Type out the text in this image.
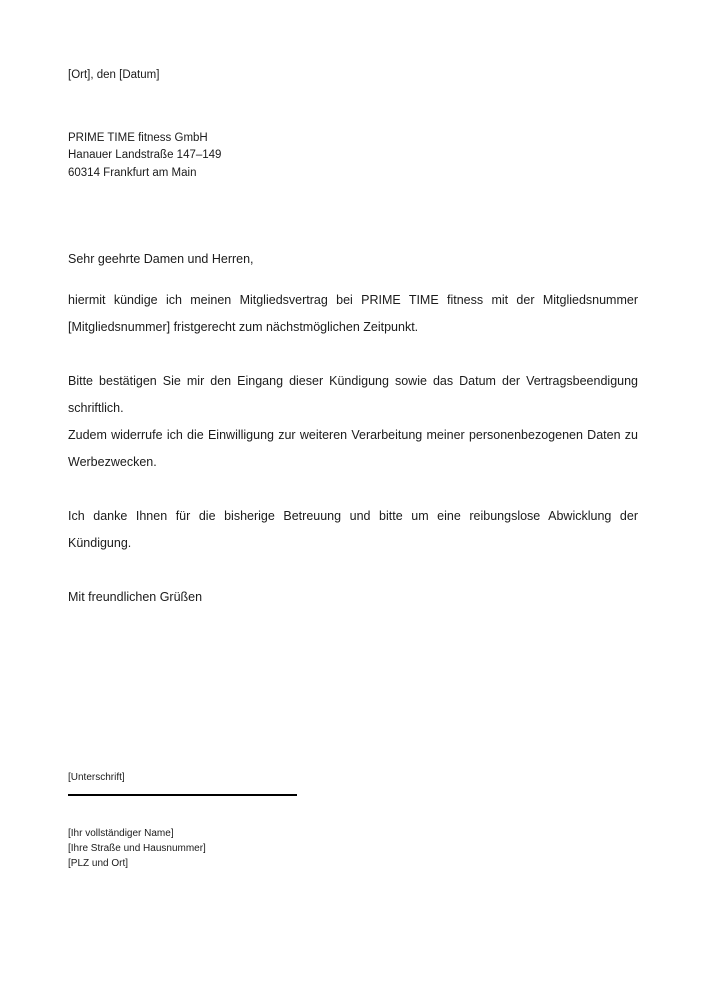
[Ort], den [Datum]
PRIME TIME fitness GmbH
Hanauer Landstraße 147–149
60314 Frankfurt am Main
Sehr geehrte Damen und Herren,

hiermit kündige ich meinen Mitgliedsvertrag bei PRIME TIME fitness mit der Mitgliedsnummer [Mitgliedsnummer] fristgerecht zum nächstmöglichen Zeitpunkt.

Bitte bestätigen Sie mir den Eingang dieser Kündigung sowie das Datum der Vertragsbeendigung schriftlich.

Zudem widerrufe ich die Einwilligung zur weiteren Verarbeitung meiner personenbezogenen Daten zu Werbezwecken.

Ich danke Ihnen für die bisherige Betreuung und bitte um eine reibungslose Abwicklung der Kündigung.

Mit freundlichen Grüßen

[Unterschrift]
[Ihr vollständiger Name]
[Ihre Straße und Hausnummer]
[PLZ und Ort]
